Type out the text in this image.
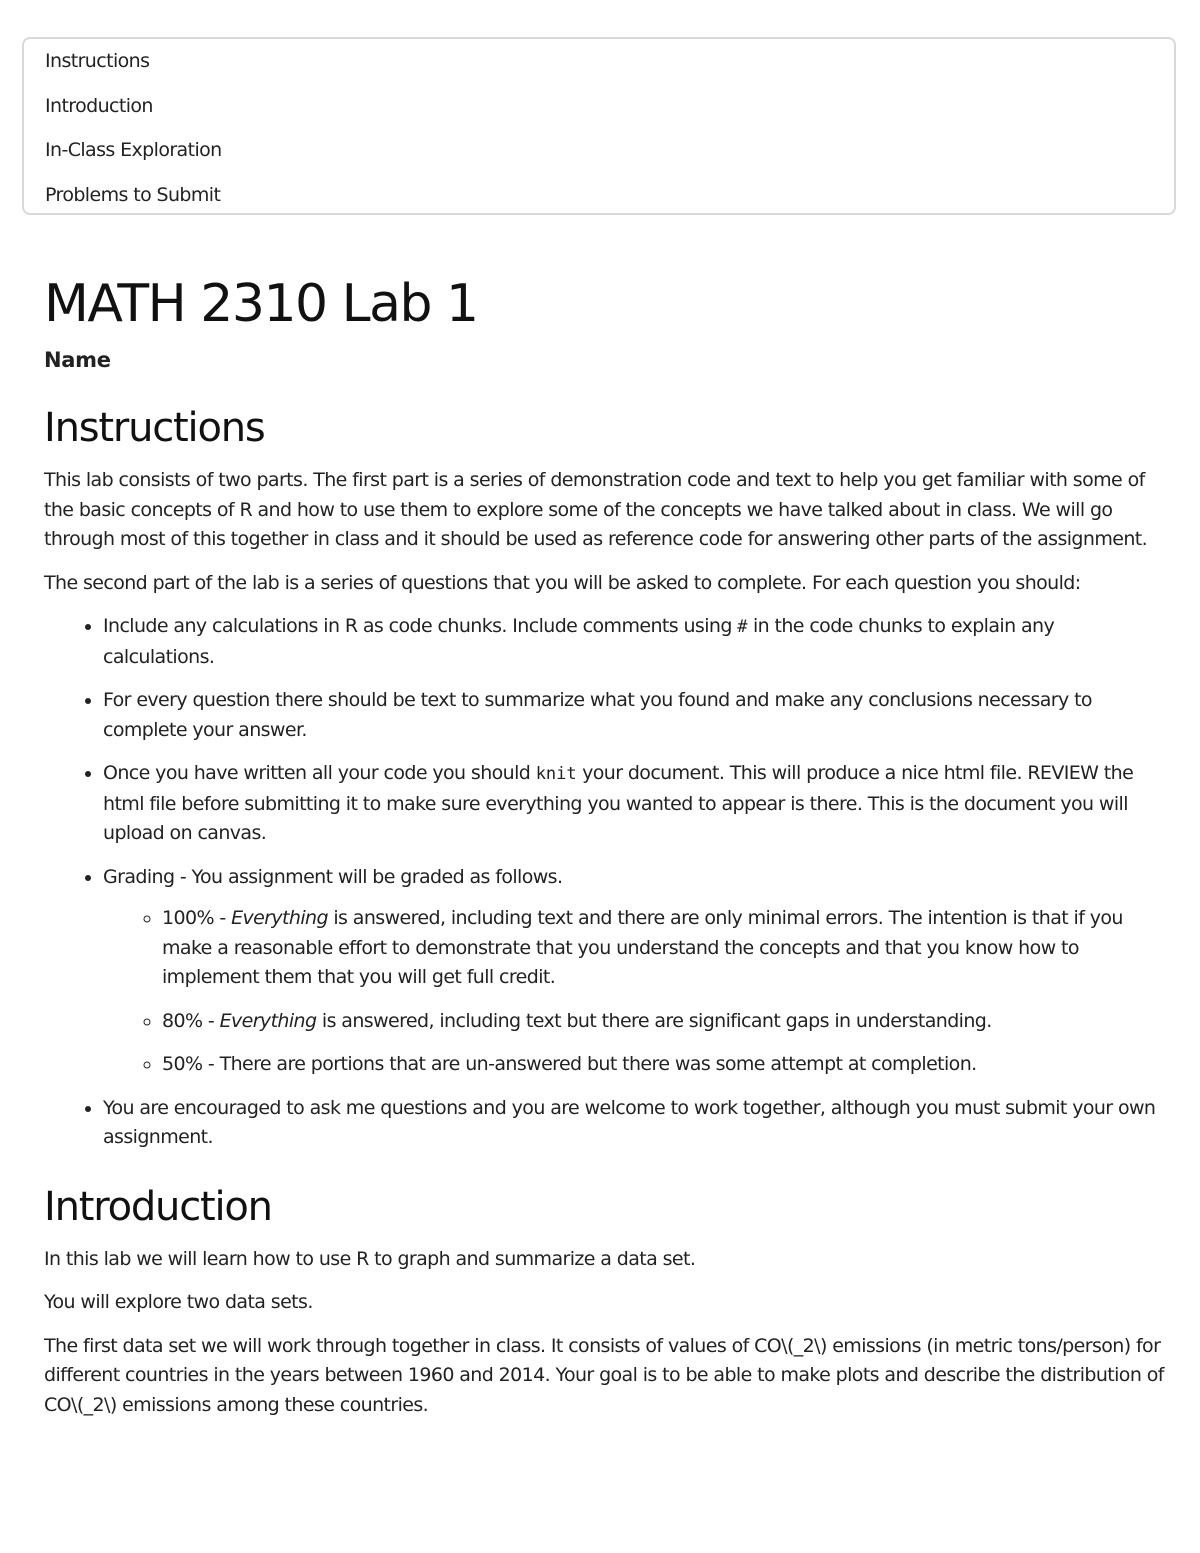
Instructions
Introduction
In-Class Exploration
Problems to Submit
MATH 2310 Lab 1
Name
Instructions

This lab consists of two parts. The first part is a series of demonstration code and text to help you get familiar with some of the basic concepts of R and how to use them to explore some of the concepts we have talked about in class. We will go through most of this together in class and it should be used as reference code for answering other parts of the assignment.

The second part of the lab is a series of questions that you will be asked to complete. For each question you should:

• Include any calculations in R as code chunks. Include comments using # in the code chunks to explain any calculations.
• For every question there should be text to summarize what you found and make any conclusions necessary to complete your answer.
• Once you have written all your code you should knit your document. This will produce a nice html file. REVIEW the html file before submitting it to make sure everything you wanted to appear is there. This is the document you will upload on canvas.
• Grading - You assignment will be graded as follows.
◦ 100% - Everything is answered, including text and there are only minimal errors. The intention is that if you make a reasonable effort to demonstrate that you understand the concepts and that you know how to implement them that you will get full credit.
◦ 80% - Everything is answered, including text but there are significant gaps in understanding.
◦ 50% - There are portions that are un-answered but there was some attempt at completion.
• You are encouraged to ask me questions and you are welcome to work together, although you must submit your own assignment.
Introduction

In this lab we will learn how to use R to graph and summarize a data set.

You will explore two data sets.

The first data set we will work through together in class. It consists of values of CO\(_2\) emissions (in metric tons/person) for different countries in the years between 1960 and 2014. Your goal is to be able to make plots and describe the distribution of CO\(_2\) emissions among these countries.
